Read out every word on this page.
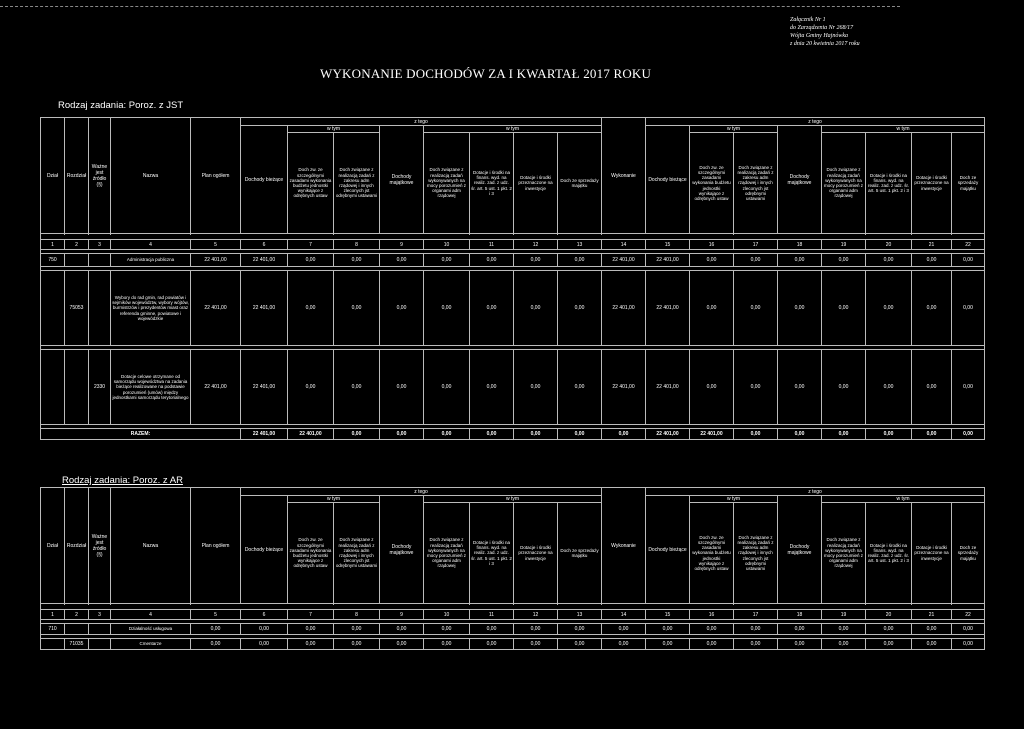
Załącznik Nr 1
do Zarządzenia Nr 268/17
Wójta Gminy Hajnówka
z dnia 20 kwietnia 2017 roku
WYKONANIE DOCHODÓW ZA I KWARTAŁ 2017 ROKU
Rodzaj zadania: Poroz. z JST
Dział	Rozdział	Ważne jest źródło (§)	Nazwa	Plan ogółem	z tego								Wykonanie	z tego							
					Dochody bieżące	w tym		Dochody majątkowe	w tym					Dochody bieżące	w tym		Dochody majątkowe	w tym			
						Doch zw. ze szczególnymi zasadami wykonania budżetu jednostki wynikające z odrębnych ustaw	Doch związane z realizacją zadań z zakresu adm rządowej i innych zleconych jst odrębnymi ustawami		Doch związane z realizacją zadań wykonywanych na mocy porozumień z organami adm rządowej	Dotacje i środki na finans. wyd. na realiz. zad. z udz. śr. art. 5 ust. 1 pkt. 2 i 3	Dotacje i środki przeznaczone na inwestycje	Doch ze sprzedaży majątku			Doch zw. ze szczególnymi zasadami wykonania budżetu jednostki wynikające z odrębnych ustaw	Doch związane z realizacją zadań z zakresu adm rządowej i innych zleconych jst odrębnymi ustawami		Doch związane z realizacją zadań wykonywanych na mocy porozumień z organami adm rządowej	Dotacje i środki na finans. wyd. na realiz. zad. z udz. śr. art. 5 ust. 1 pkt. 2 i 3	Dotacje i środki przeznaczone na inwestycje	Doch ze sprzedaży majątku

1	2	3	4	5	6	7	8	9	10	11	12	13	14	15	16	17	18	19	20	21	22

750			Administracja publiczna	22 401,00	22 401,00	0,00	0,00	0,00	0,00	0,00	0,00	0,00	22 401,00	22 401,00	0,00	0,00	0,00	0,00	0,00	0,00	0,00

	75053		Wybory do rad gmin, rad powiatów i sejmików województw, wybory wójtów, burmistrzów i prezydentów miast oraz referenda gminne, powiatowe i wojewódzkie	22 401,00	22 401,00	0,00	0,00	0,00	0,00	0,00	0,00	0,00	22 401,00	22 401,00	0,00	0,00	0,00	0,00	0,00	0,00	0,00

		2330	Dotacje celowe otrzymane od samorządu województwa na zadania bieżące realizowane na podstawie porozumień (umów) między jednostkami samorządu terytorialnego	22 401,00	22 401,00	0,00	0,00	0,00	0,00	0,00	0,00	0,00	22 401,00	22 401,00	0,00	0,00	0,00	0,00	0,00	0,00	0,00

RAZEM:					22 401,00	22 401,00	0,00	0,00	0,00	0,00	0,00	0,00	0,00	22 401,00	22 401,00	0,00	0,00	0,00	0,00	0,00	0,00
Rodzaj zadania: Poroz. z AR
Dział	Rozdział	Ważne jest źródło (§)	Nazwa	Plan ogółem	z tego								Wykonanie	z tego							
					Dochody bieżące	w tym		Dochody majątkowe	w tym					Dochody bieżące	w tym		Dochody majątkowe	w tym			
						Doch zw. ze szczególnymi zasadami wykonania budżetu jednostki wynikające z odrębnych ustaw	Doch związane z realizacją zadań z zakresu adm rządowej i innych zleconych jst odrębnymi ustawami		Doch związane z realizacją zadań wykonywanych na mocy porozumień z organami adm rządowej	Dotacje i środki na finans. wyd. na realiz. zad. z udz. śr. art. 5 ust. 1 pkt. 2 i 3	Dotacje i środki przeznaczone na inwestycje	Doch ze sprzedaży majątku			Doch zw. ze szczególnymi zasadami wykonania budżetu jednostki wynikające z odrębnych ustaw	Doch związane z realizacją zadań z zakresu adm rządowej i innych zleconych jst odrębnymi ustawami		Doch związane z realizacją zadań wykonywanych na mocy porozumień z organami adm rządowej	Dotacje i środki na finans. wyd. na realiz. zad. z udz. śr. art. 5 ust. 1 pkt. 2 i 3	Dotacje i środki przeznaczone na inwestycje	Doch ze sprzedaży majątku

1	2	3	4	5	6	7	8	9	10	11	12	13	14	15	16	17	18	19	20	21	22

710			Działalność usługowa	0,00	0,00	0,00	0,00	0,00	0,00	0,00	0,00	0,00	0,00	0,00	0,00	0,00	0,00	0,00	0,00	0,00	0,00

	71035		Cmentarze	0,00	0,00	0,00	0,00	0,00	0,00	0,00	0,00	0,00	0,00	0,00	0,00	0,00	0,00	0,00	0,00	0,00	0,00
